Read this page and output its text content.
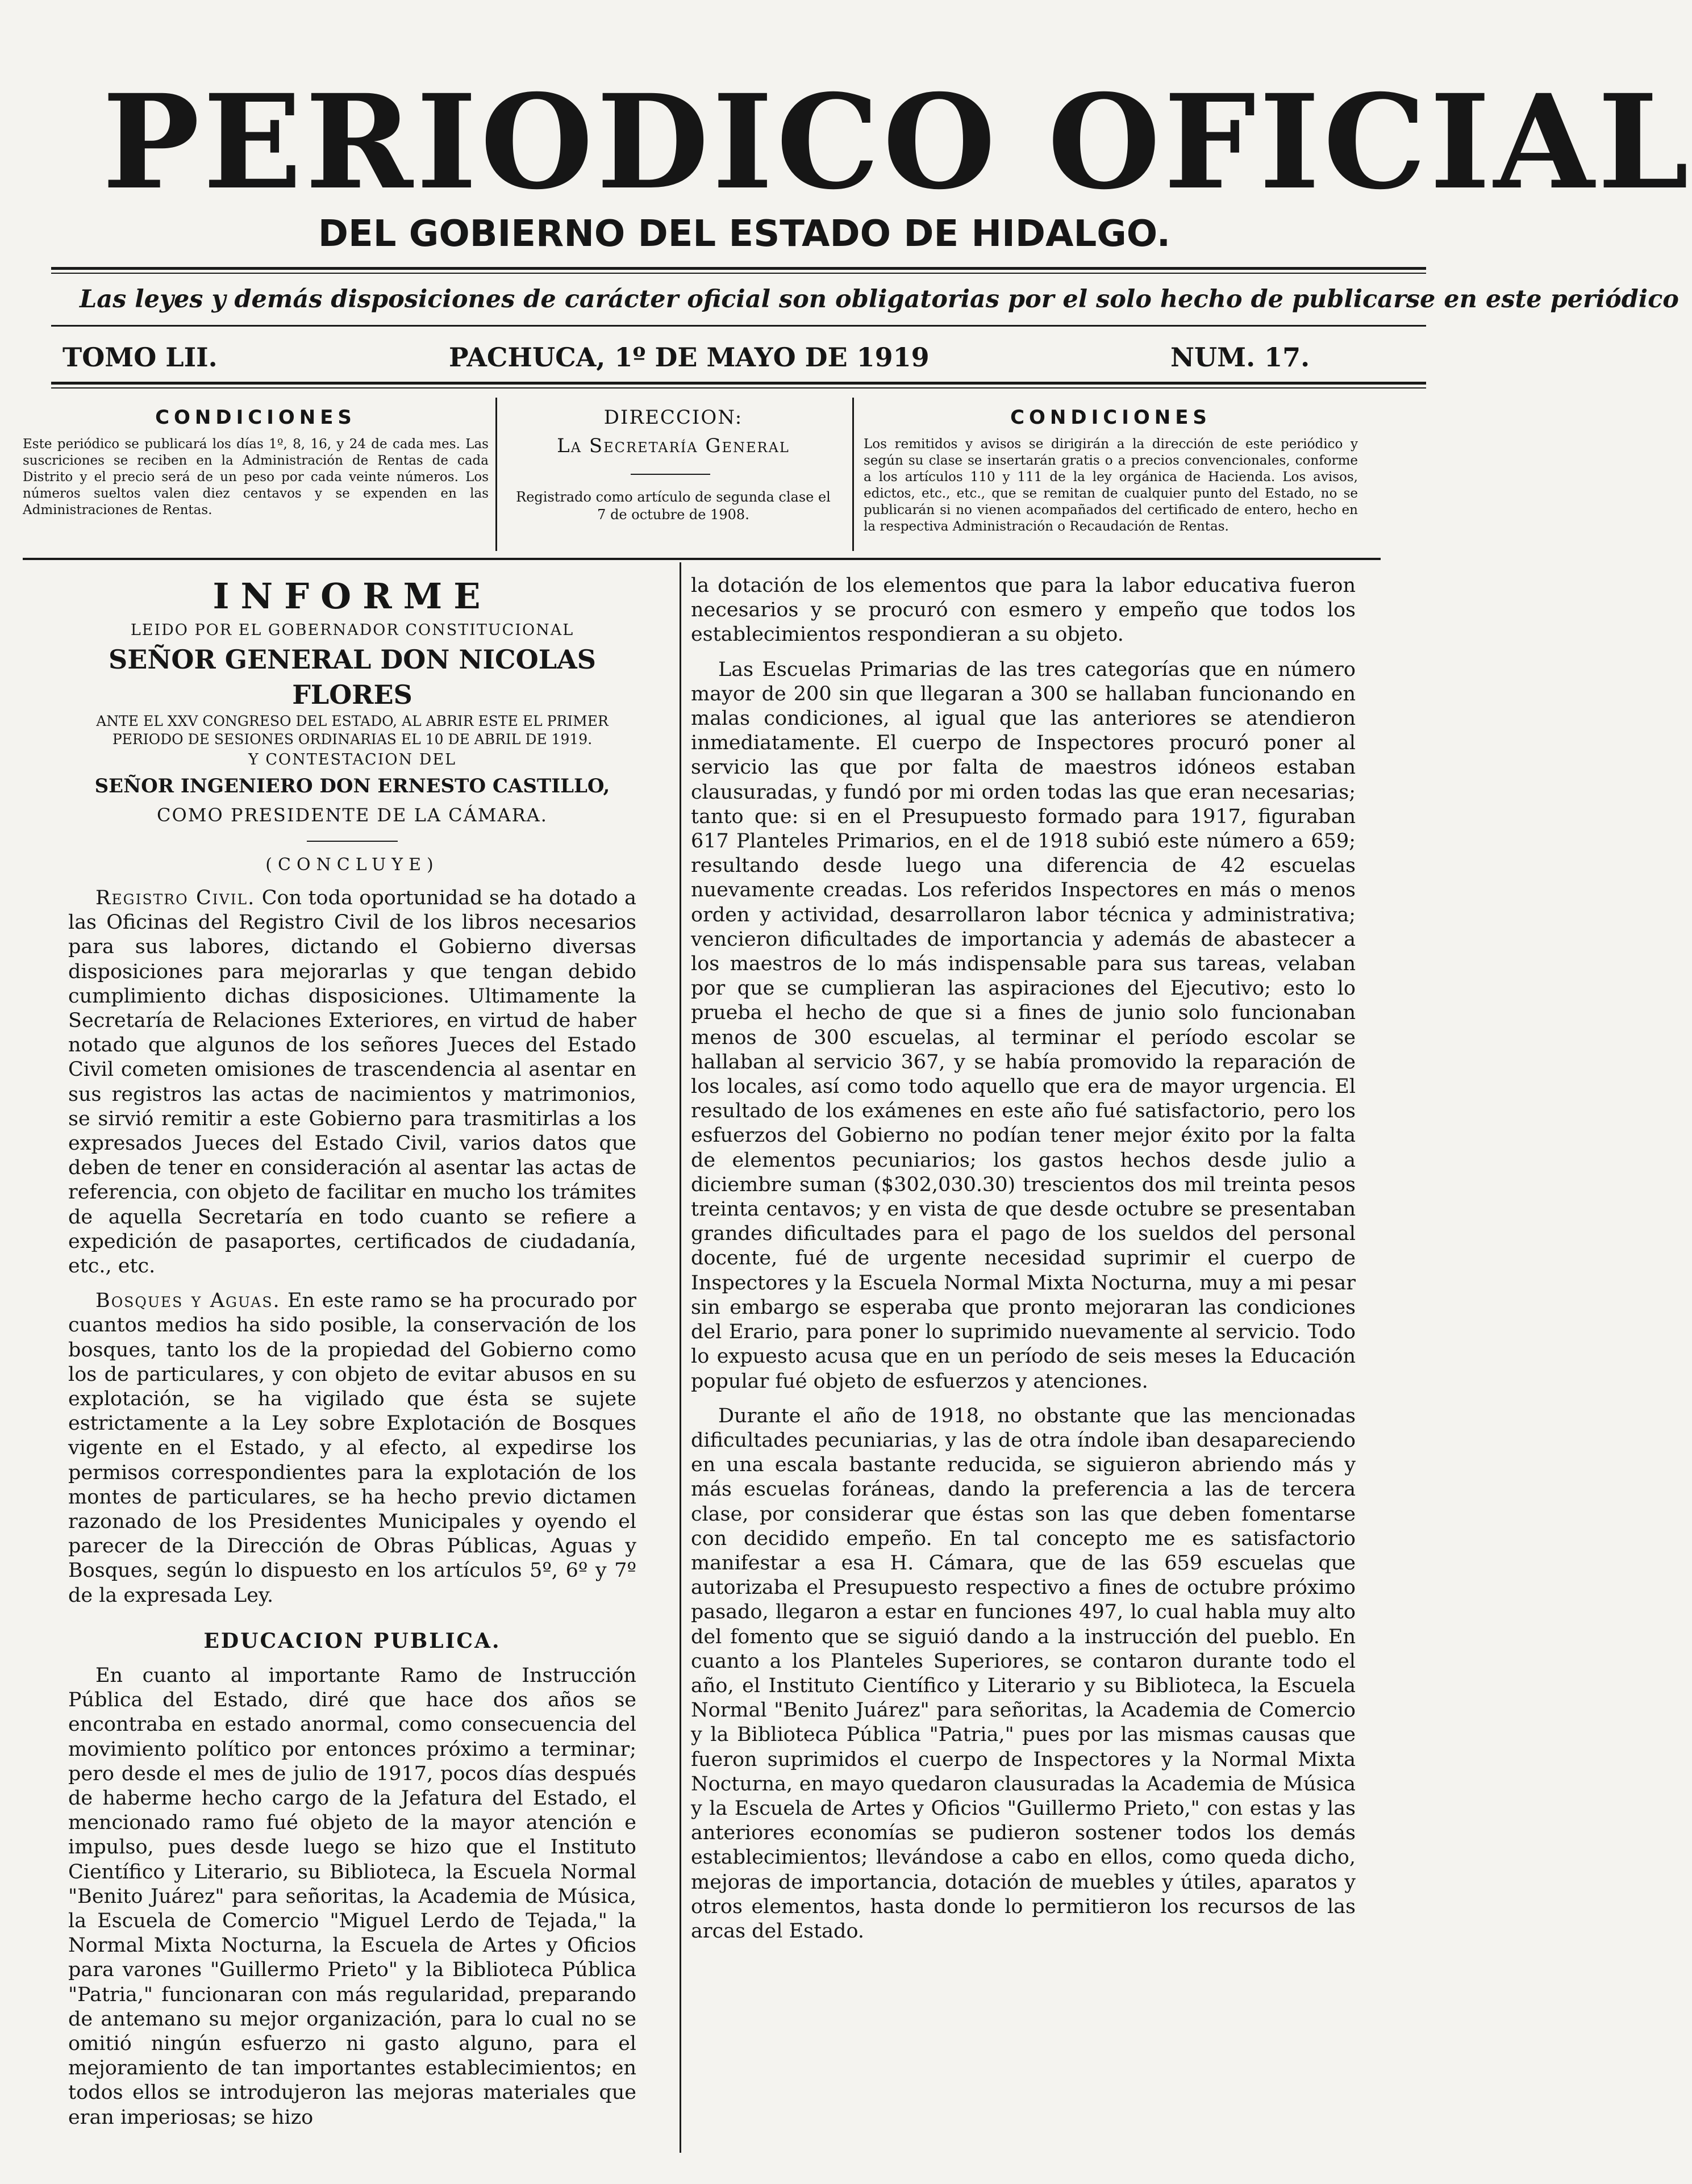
PERIODICO OFICIAL
DEL GOBIERNO DEL ESTADO DE HIDALGO.
Las leyes y demás disposiciones de carácter oficial son obligatorias por el solo hecho de publicarse en este periódico
TOMO LII.	PACHUCA, 1º DE MAYO DE 1919	NUM. 17.
CONDICIONES
Este periódico se publicará los días 1º, 8, 16, y 24 de cada mes. Las suscriciones se reciben en la Administración de Rentas de cada Distrito y el precio será de un peso por cada veinte números. Los números sueltos valen diez centavos y se expenden en las Administraciones de Rentas.
DIRECCION:
La Secretaría General
Registrado como artículo de segunda clase el 7 de octubre de 1908.
CONDICIONES
Los remitidos y avisos se dirigirán a la dirección de este periódico y según su clase se insertarán gratis o a precios convencionales, conforme a los artículos 110 y 111 de la ley orgánica de Hacienda. Los avisos, edictos, etc., etc., que se remitan de cualquier punto del Estado, no se publicarán si no vienen acompañados del certificado de entero, hecho en la respectiva Administración o Recaudación de Rentas.
INFORME
LEIDO POR EL GOBERNADOR CONSTITUCIONAL
SEÑOR GENERAL DON NICOLAS FLORES
ANTE EL XXV CONGRESO DEL ESTADO, AL ABRIR ESTE EL PRIMER PERIODO DE SESIONES ORDINARIAS EL 10 DE ABRIL DE 1919.
Y CONTESTACION DEL
SEÑOR INGENIERO DON ERNESTO CASTILLO,
COMO PRESIDENTE DE LA CÁMARA.
(CONCLUYE)

Registro Civil. Con toda oportunidad se ha dotado a las Oficinas del Registro Civil de los libros necesarios para sus labores, dictando el Gobierno diversas disposiciones para mejorarlas y que tengan debido cumplimiento dichas disposiciones. Ultimamente la Secretaría de Relaciones Exteriores, en virtud de haber notado que algunos de los señores Jueces del Estado Civil cometen omisiones de trascendencia al asentar en sus registros las actas de nacimientos y matrimonios, se sirvió remitir a este Gobierno para trasmitirlas a los expresados Jueces del Estado Civil, varios datos que deben de tener en consideración al asentar las actas de referencia, con objeto de facilitar en mucho los trámites de aquella Secretaría en todo cuanto se refiere a expedición de pasaportes, certificados de ciudadanía, etc., etc.

Bosques y Aguas. En este ramo se ha procurado por cuantos medios ha sido posible, la conservación de los bosques, tanto los de la propiedad del Gobierno como los de particulares, y con objeto de evitar abusos en su explotación, se ha vigilado que ésta se sujete estrictamente a la Ley sobre Explotación de Bosques vigente en el Estado, y al efecto, al expedirse los permisos correspondientes para la explotación de los montes de particulares, se ha hecho previo dictamen razonado de los Presidentes Municipales y oyendo el parecer de la Dirección de Obras Públicas, Aguas y Bosques, según lo dispuesto en los artículos 5º, 6º y 7º de la expresada Ley.

EDUCACION PUBLICA.

En cuanto al importante Ramo de Instrucción Pública del Estado, diré que hace dos años se encontraba en estado anormal, como consecuencia del movimiento político por entonces próximo a terminar; pero desde el mes de julio de 1917, pocos días después de haberme hecho cargo de la Jefatura del Estado, el mencionado ramo fué objeto de la mayor atención e impulso, pues desde luego se hizo que el Instituto Científico y Literario, su Biblioteca, la Escuela Normal "Benito Juárez" para señoritas, la Academia de Música, la Escuela de Comercio "Miguel Lerdo de Tejada," la Normal Mixta Nocturna, la Escuela de Artes y Oficios para varones "Guillermo Prieto" y la Biblioteca Pública "Patria," funcionaran con más regularidad, preparando de antemano su mejor organización, para lo cual no se omitió ningún esfuerzo ni gasto alguno, para el mejoramiento de tan importantes establecimientos; en todos ellos se introdujeron las mejoras materiales que eran imperiosas; se hizo

la dotación de los elementos que para la labor educativa fueron necesarios y se procuró con esmero y empeño que todos los establecimientos respondieran a su objeto.

Las Escuelas Primarias de las tres categorías que en número mayor de 200 sin que llegaran a 300 se hallaban funcionando en malas condiciones, al igual que las anteriores se atendieron inmediatamente. El cuerpo de Inspectores procuró poner al servicio las que por falta de maestros idóneos estaban clausuradas, y fundó por mi orden todas las que eran necesarias; tanto que: si en el Presupuesto formado para 1917, figuraban 617 Planteles Primarios, en el de 1918 subió este número a 659; resultando desde luego una diferencia de 42 escuelas nuevamente creadas. Los referidos Inspectores en más o menos orden y actividad, desarrollaron labor técnica y administrativa; vencieron dificultades de importancia y además de abastecer a los maestros de lo más indispensable para sus tareas, velaban por que se cumplieran las aspiraciones del Ejecutivo; esto lo prueba el hecho de que si a fines de junio solo funcionaban menos de 300 escuelas, al terminar el período escolar se hallaban al servicio 367, y se había promovido la reparación de los locales, así como todo aquello que era de mayor urgencia. El resultado de los exámenes en este año fué satisfactorio, pero los esfuerzos del Gobierno no podían tener mejor éxito por la falta de elementos pecuniarios; los gastos hechos desde julio a diciembre suman ($302,030.30) trescientos dos mil treinta pesos treinta centavos; y en vista de que desde octubre se presentaban grandes dificultades para el pago de los sueldos del personal docente, fué de urgente necesidad suprimir el cuerpo de Inspectores y la Escuela Normal Mixta Nocturna, muy a mi pesar sin embargo se esperaba que pronto mejoraran las condiciones del Erario, para poner lo suprimido nuevamente al servicio. Todo lo expuesto acusa que en un período de seis meses la Educación popular fué objeto de esfuerzos y atenciones.

Durante el año de 1918, no obstante que las mencionadas dificultades pecuniarias, y las de otra índole iban desapareciendo en una escala bastante reducida, se siguieron abriendo más y más escuelas foráneas, dando la preferencia a las de tercera clase, por considerar que éstas son las que deben fomentarse con decidido empeño. En tal concepto me es satisfactorio manifestar a esa H. Cámara, que de las 659 escuelas que autorizaba el Presupuesto respectivo a fines de octubre próximo pasado, llegaron a estar en funciones 497, lo cual habla muy alto del fomento que se siguió dando a la instrucción del pueblo. En cuanto a los Planteles Superiores, se contaron durante todo el año, el Instituto Científico y Literario y su Biblioteca, la Escuela Normal "Benito Juárez" para señoritas, la Academia de Comercio y la Biblioteca Pública "Patria," pues por las mismas causas que fueron suprimidos el cuerpo de Inspectores y la Normal Mixta Nocturna, en mayo quedaron clausuradas la Academia de Música y la Escuela de Artes y Oficios "Guillermo Prieto," con estas y las anteriores economías se pudieron sostener todos los demás establecimientos; llevándose a cabo en ellos, como queda dicho, mejoras de importancia, dotación de muebles y útiles, aparatos y otros elementos, hasta donde lo permitieron los recursos de las arcas del Estado.
